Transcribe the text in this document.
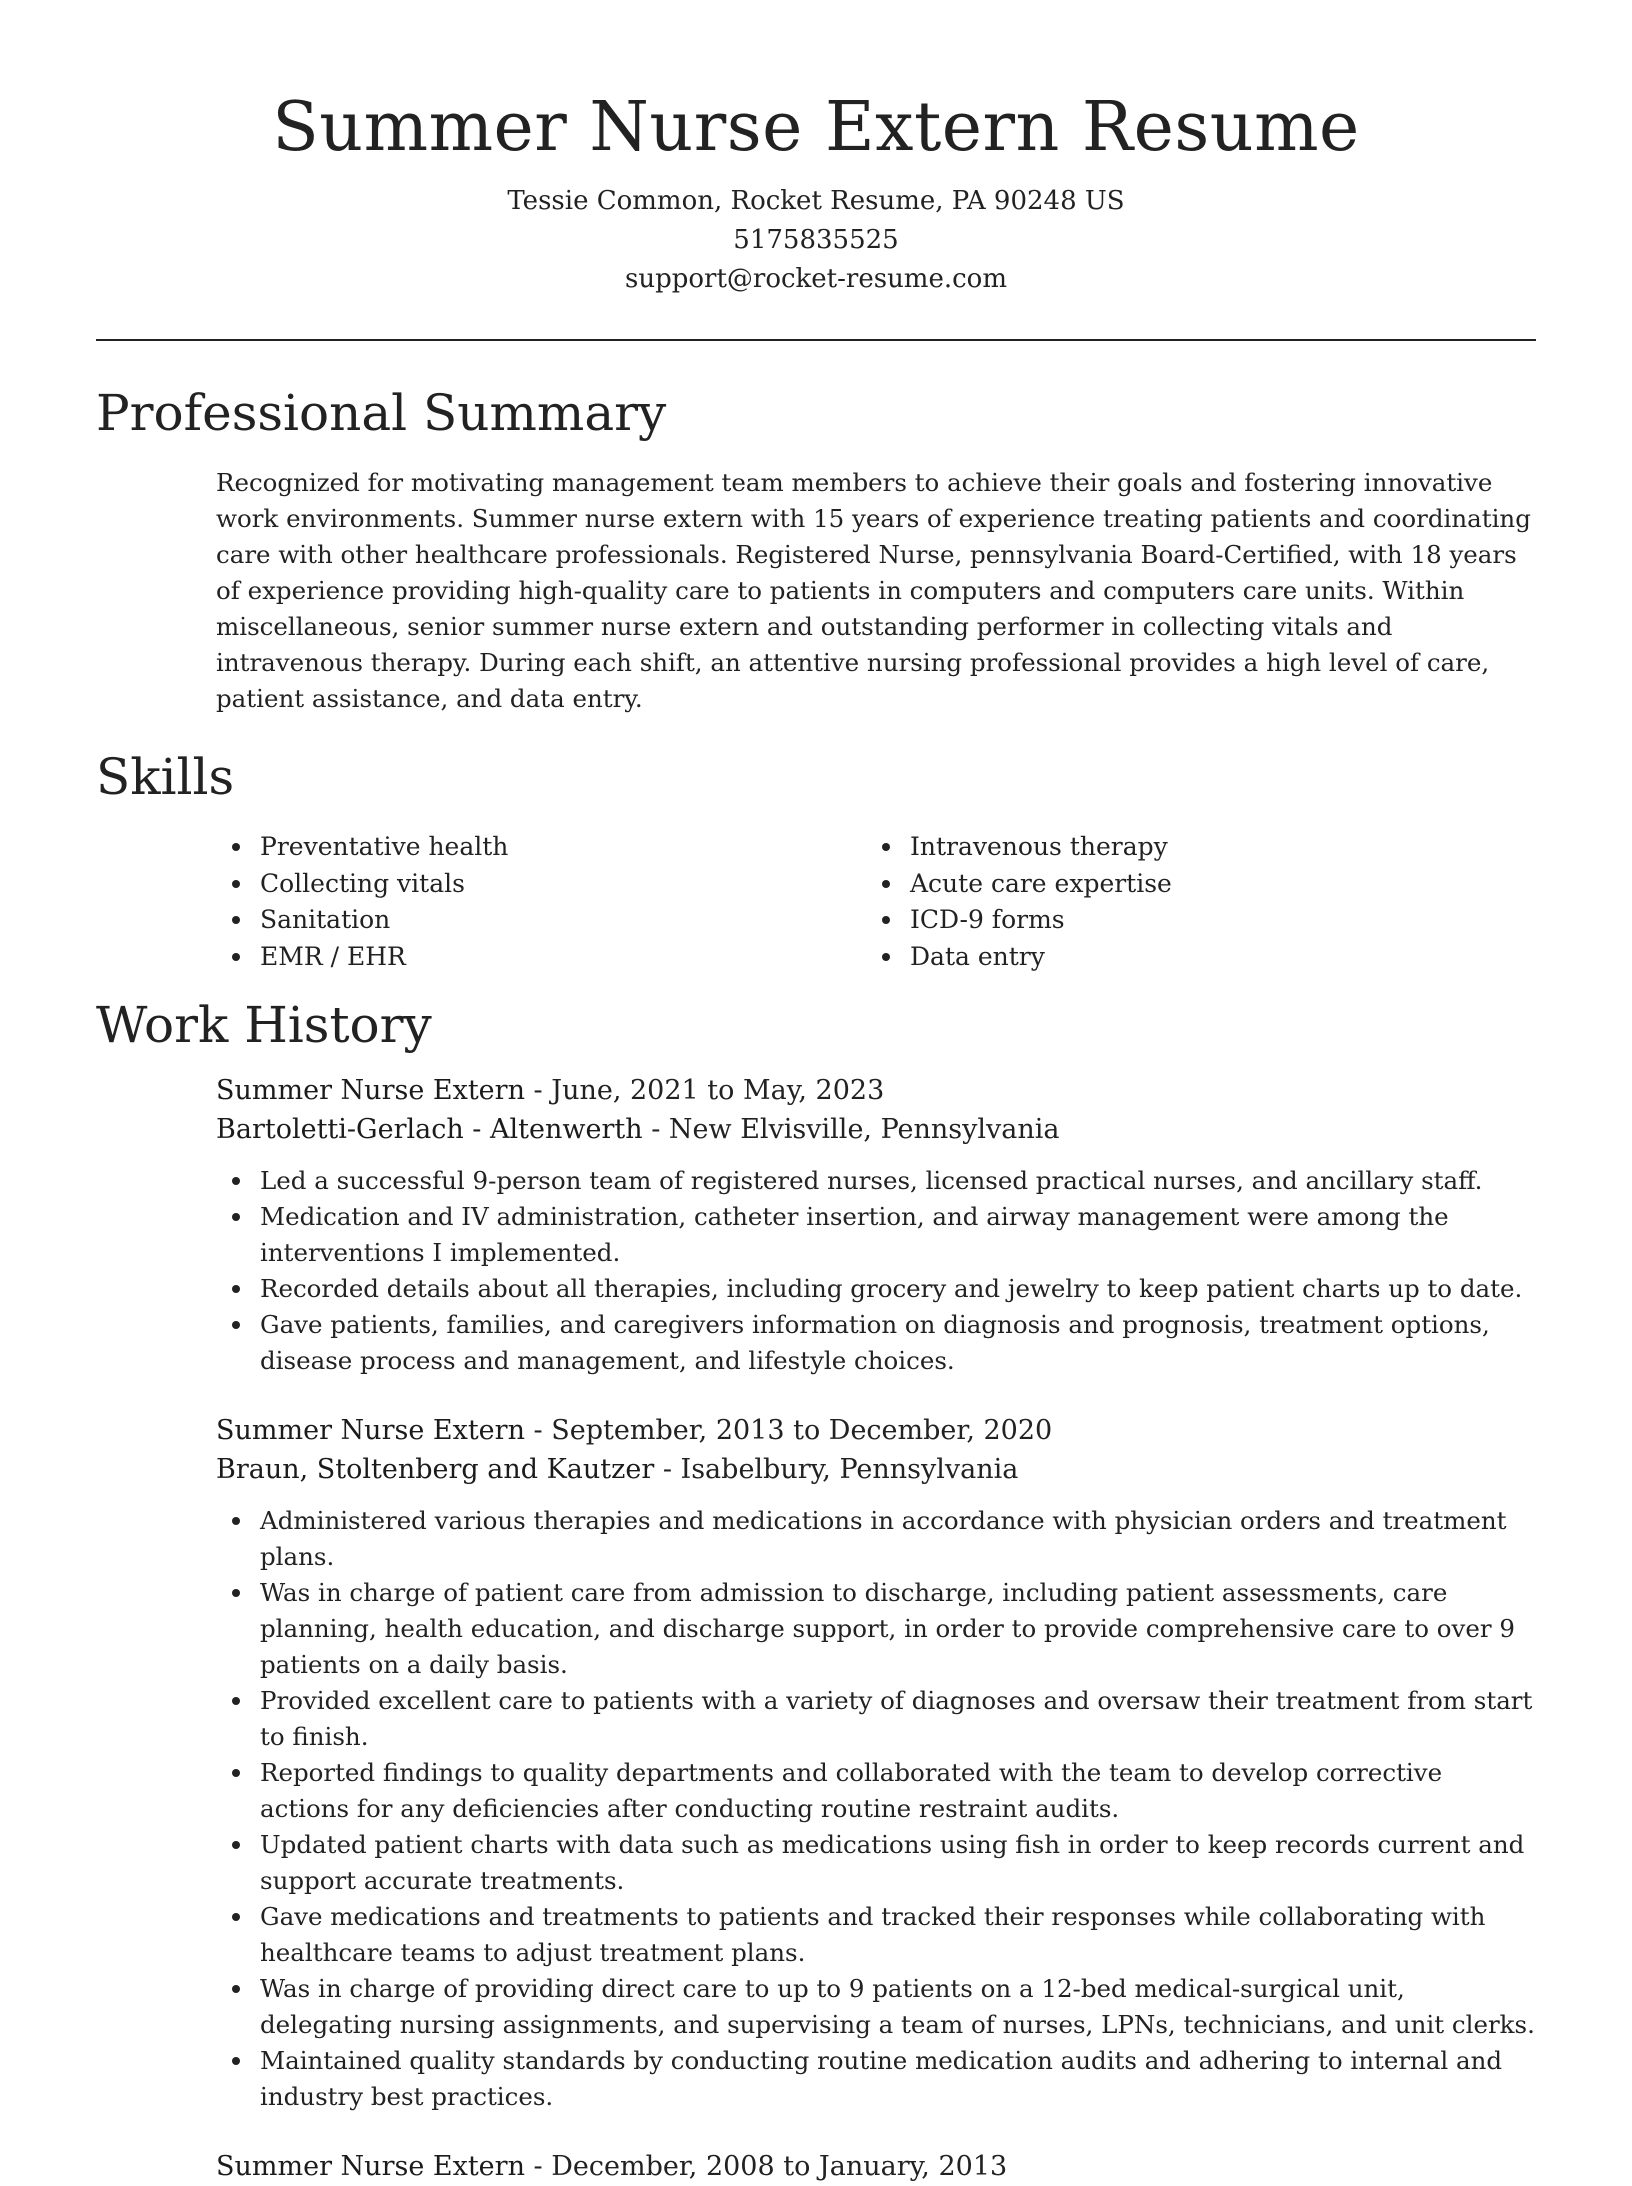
Summer Nurse Extern Resume
Tessie Common, Rocket Resume, PA 90248 US
5175835525
support@rocket-resume.com
Professional Summary

Recognized for motivating management team members to achieve their goals and fostering innovative work environments. Summer nurse extern with 15 years of experience treating patients and coordinating care with other healthcare professionals. Registered Nurse, pennsylvania Board-Certified, with 18 years of experience providing high-quality care to patients in computers and computers care units. Within miscellaneous, senior summer nurse extern and outstanding performer in collecting vitals and intravenous therapy. During each shift, an attentive nursing professional provides a high level of care, patient assistance, and data entry.

Skills
Preventative health
Collecting vitals
Sanitation
EMR / EHR
Intravenous therapy
Acute care expertise
ICD-9 forms
Data entry
Work History
Summer Nurse Extern - June, 2021 to May, 2023
Bartoletti-Gerlach - Altenwerth - New Elvisville, Pennsylvania
Led a successful 9-person team of registered nurses, licensed practical nurses, and ancillary staff.
Medication and IV administration, catheter insertion, and airway management were among the interventions I implemented.
Recorded details about all therapies, including grocery and jewelry to keep patient charts up to date.
Gave patients, families, and caregivers information on diagnosis and prognosis, treatment options, disease process and management, and lifestyle choices.
Summer Nurse Extern - September, 2013 to December, 2020
Braun, Stoltenberg and Kautzer - Isabelbury, Pennsylvania
Administered various therapies and medications in accordance with physician orders and treatment plans.
Was in charge of patient care from admission to discharge, including patient assessments, care planning, health education, and discharge support, in order to provide comprehensive care to over 9 patients on a daily basis.
Provided excellent care to patients with a variety of diagnoses and oversaw their treatment from start to finish.
Reported findings to quality departments and collaborated with the team to develop corrective actions for any deficiencies after conducting routine restraint audits.
Updated patient charts with data such as medications using fish in order to keep records current and support accurate treatments.
Gave medications and treatments to patients and tracked their responses while collaborating with healthcare teams to adjust treatment plans.
Was in charge of providing direct care to up to 9 patients on a 12-bed medical-surgical unit, delegating nursing assignments, and supervising a team of nurses, LPNs, technicians, and unit clerks.
Maintained quality standards by conducting routine medication audits and adhering to internal and industry best practices.
Summer Nurse Extern - December, 2008 to January, 2013
